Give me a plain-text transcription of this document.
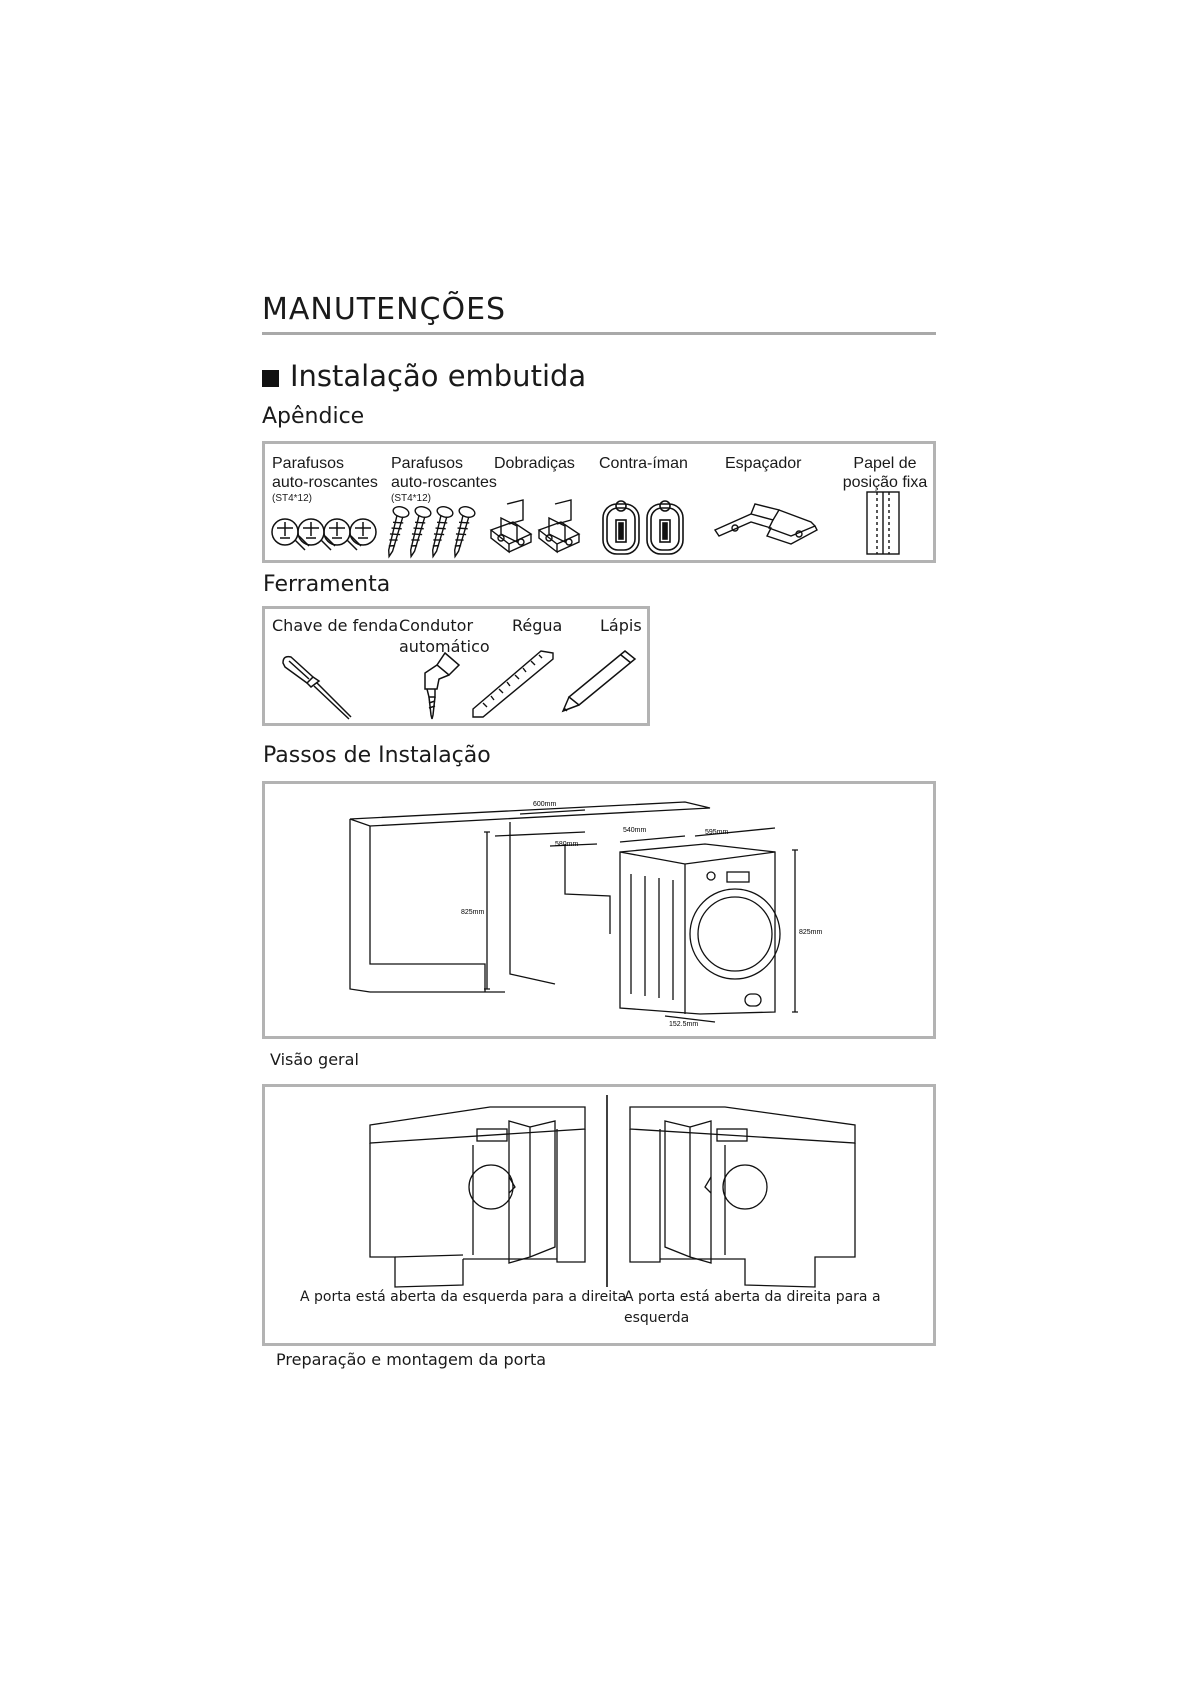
MANUTENÇÕES
Instalação embutida
Apêndice
Parafusos
auto-roscantes
(ST4*12)
Parafusos
auto-roscantes
(ST4*12)
Dobradiças Contra-íman Espaçador	Papel de
posição fixa
Ferramenta
Chave de fenda Condutor
automático
Régua Lápis
Passos de Instalação
600mm
580mm
825mm
540mm	595mm
825mm
152.5mm
Visão geral
A porta está aberta da esquerda para a direita
A porta está aberta da direita para a esquerda
Preparação e montagem da porta
